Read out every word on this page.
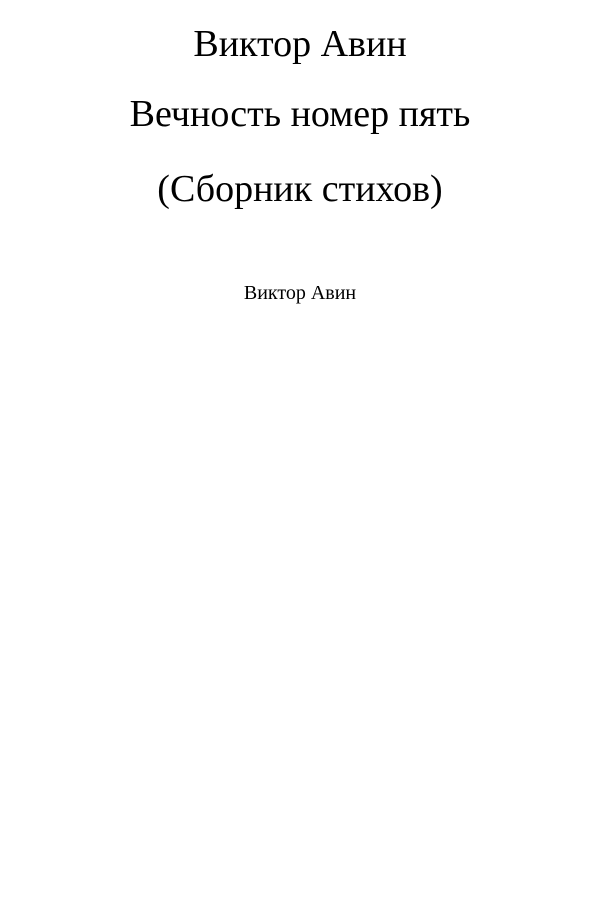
Виктор Авин
Вечность номер пять
(Сборник стихов)
Виктор Авин
